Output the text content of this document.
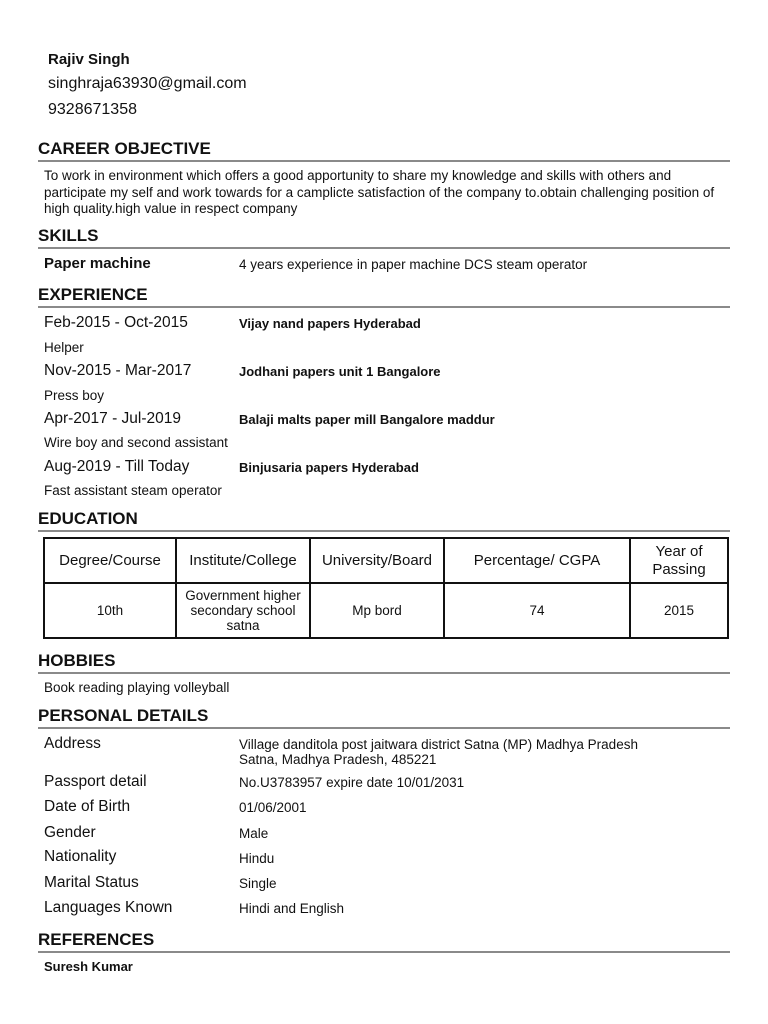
Rajiv Singh
singhraja63930@gmail.com
9328671358
CAREER OBJECTIVE
To work in environment which offers a good apportunity to share my knowledge and skills with others and participate my self and work towards for a camplicte satisfaction of the company to.obtain challenging position of high quality.high value in respect company
SKILLS
Paper machine	4 years experience in paper machine DCS steam operator
EXPERIENCE
Feb-2015 - Oct-2015	Vijay nand papers Hyderabad
Helper
Nov-2015 - Mar-2017	Jodhani papers unit 1 Bangalore
Press boy
Apr-2017 - Jul-2019	Balaji malts paper mill Bangalore maddur
Wire boy and second assistant
Aug-2019 - Till Today	Binjusaria papers Hyderabad
Fast assistant steam operator
EDUCATION
Degree/Course	Institute/College	University/Board	Percentage/ CGPA	Year of Passing
10th	Government higher secondary school satna	Mp bord	74	2015
HOBBIES
Book reading playing volleyball
PERSONAL DETAILS
Address	Village danditola post jaitwara district Satna (MP) Madhya Pradesh
Satna, Madhya Pradesh, 485221
Passport detail	No.U3783957 expire date 10/01/2031
Date of Birth	01/06/2001
Gender	Male
Nationality	Hindu
Marital Status	Single
Languages Known	Hindi and English
REFERENCES
Suresh Kumar
